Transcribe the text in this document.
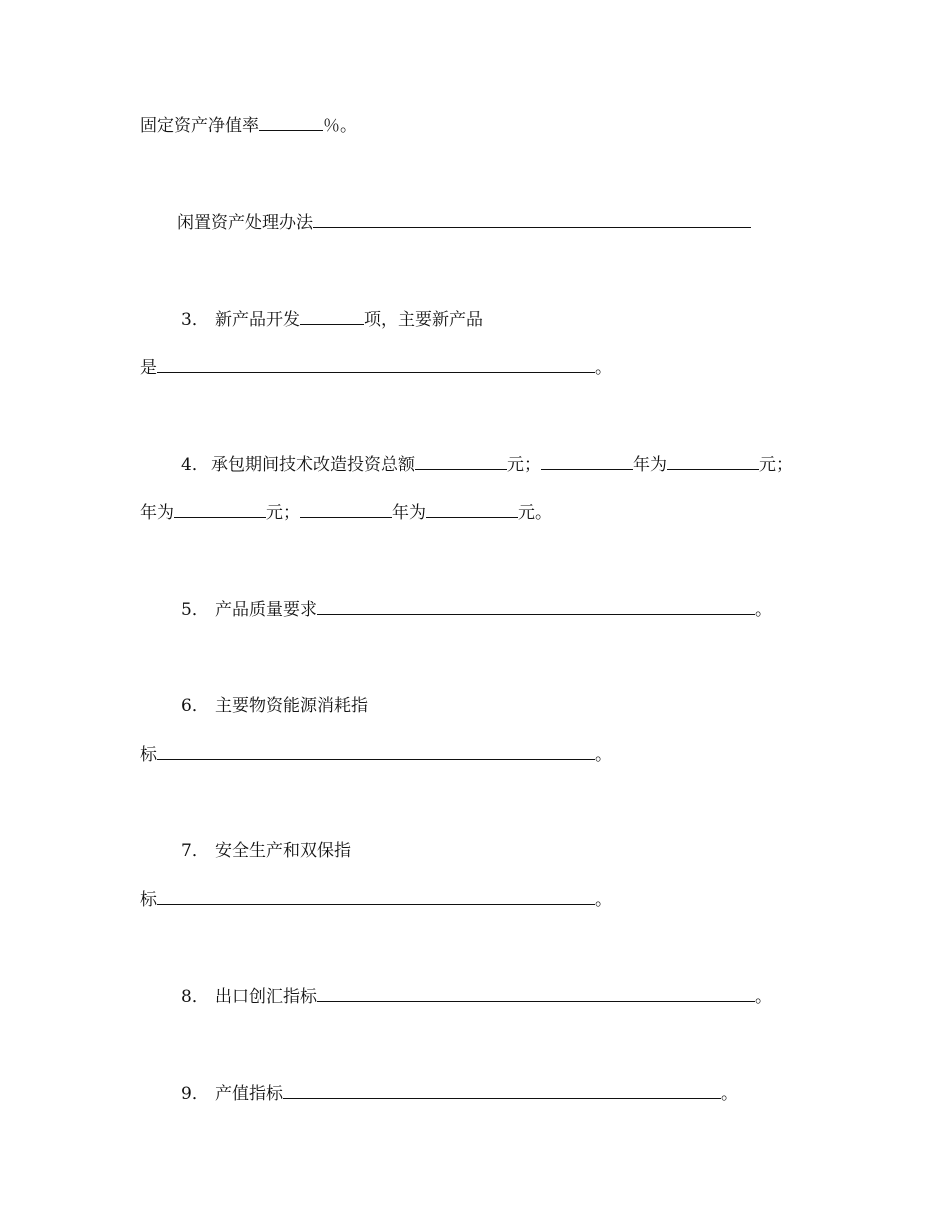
固定资产净值率	％。
闲置资产处理办法
3． 新产品开发	项，主要新产品
是	。
4． 承包期间技术改造投资总额	元；	年为	元；
年为	元；	年为	元。
5． 产品质量要求	。
6． 主要物资能源消耗指
标	。
7． 安全生产和双保指
标	。
8． 出口创汇指标	。
9． 产值指标	。
